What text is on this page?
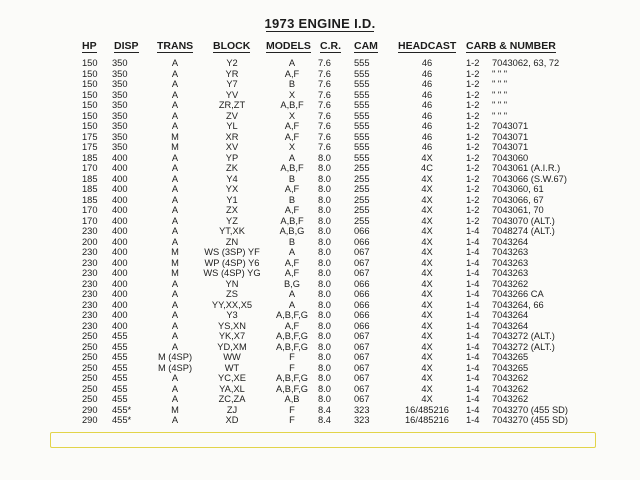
1973 ENGINE I.D.
HP DISP TRANS BLOCK MODELS C.R. CAM HEADCAST CARB & NUMBER
150 350	A	Y2	A	7.6 555	46	1-2 7043062, 63, 72
150 350	A	YR	A,F	7.6 555	46	1-2 " " "
150 350	A	Y7	B	7.6 555	46	1-2 " " "
150 350	A	YV	X	7.6 555	46	1-2 " " "
150 350	A	ZR,ZT	A,B,F	7.6 555	46	1-2 " " "
150 350	A	ZV	X	7.6 555	46	1-2 " " "
150 350	A	YL	A,F	7.6 555	46	1-2 7043071
175 350	M	XR	A,F	7.6 555	46	1-2 7043071
175 350	M	XV	X	7.6 555	46	1-2 7043071
185 400	A	YP	A	8.0 555	4X	1-2 7043060
170 400	A	ZK	A,B,F	8.0 255	4C	1-2 7043061 (A.I.R.)
185 400	A	Y4	B	8.0 255	4X	1-2 7043066 (S.W.67)
185 400	A	YX	A,F	8.0 255	4X	1-2 7043060, 61
185 400	A	Y1	B	8.0 255	4X	1-2 7043066, 67
170 400	A	ZX	A,F	8.0 255	4X	1-2 7043061, 70
170 400	A	YZ	A,B,F	8.0 255	4X	1-2 7043070 (ALT.)
230 400	A	YT,XK	A,B,G	8.0 066	4X	1-4 7048274 (ALT.)
200 400	A	ZN	B	8.0 066	4X	1-4 7043264
230 400	M	WS (3SP) YF	A	8.0 067	4X	1-4 7043263
230 400	M	WP (4SP) Y6	A,F	8.0 067	4X	1-4 7043263
230 400	M	WS (4SP) YG	A,F	8.0 067	4X	1-4 7043263
230 400	A	YN	B,G	8.0 066	4X	1-4 7043262
230 400	A	ZS	A	8.0 066	4X	1-4 7043266 CA
230 400	A	YY,XX,X5	A	8.0 066	4X	1-4 7043264, 66
230 400	A	Y3	A,B,F,G	8.0 066	4X	1-4 7043264
230 400	A	YS,XN	A,F	8.0 066	4X	1-4 7043264
250 455	A	YK,X7	A,B,F,G	8.0 067	4X	1-4 7043272 (ALT.)
250 455	A	YD,XM	A,B,F,G	8.0 067	4X	1-4 7043272 (ALT.)
250 455	M (4SP)	WW	F	8.0 067	4X	1-4 7043265
250 455	M (4SP)	WT	F	8.0 067	4X	1-4 7043265
250 455	A	YC,XE	A,B,F,G	8.0 067	4X	1-4 7043262
250 455	A	YA,XL	A,B,F,G	8.0 067	4X	1-4 7043262
250 455	A	ZC,ZA	A,B	8.0 067	4X	1-4 7043262
290 455*	M	ZJ	F	8.4 323	16/485216	1-4 7043270 (455 SD)
290 455*	A	XD	F	8.4 323	16/485216	1-4 7043270 (455 SD)
